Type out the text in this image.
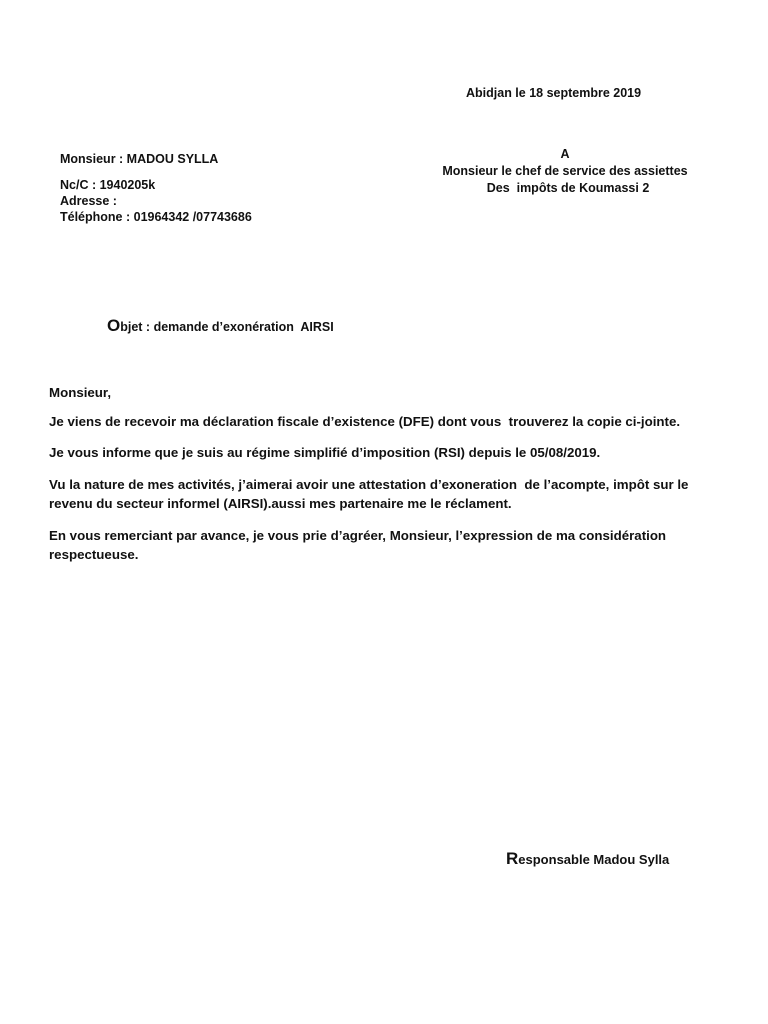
Abidjan le 18 septembre 2019
Monsieur : MADOU SYLLA
Nc/C : 1940205k
Adresse :
Téléphone : 01964342 /07743686
A
Monsieur le chef de service des assiettes
Des  impôts de Koumassi 2
Objet : demande d’exonération  AIRSI

Monsieur,

Je viens de recevoir ma déclaration fiscale d’existence (DFE) dont vous  trouverez la copie ci-jointe.

Je vous informe que je suis au régime simplifié d’imposition (RSI) depuis le 05/08/2019.

Vu la nature de mes activités, j’aimerai avoir une attestation d’exoneration  de l’acompte, impôt sur le revenu du secteur informel (AIRSI).aussi mes partenaire me le réclament.

En vous remerciant par avance, je vous prie d’agréer, Monsieur, l’expression de ma considération respectueuse.

Responsable Madou Sylla
